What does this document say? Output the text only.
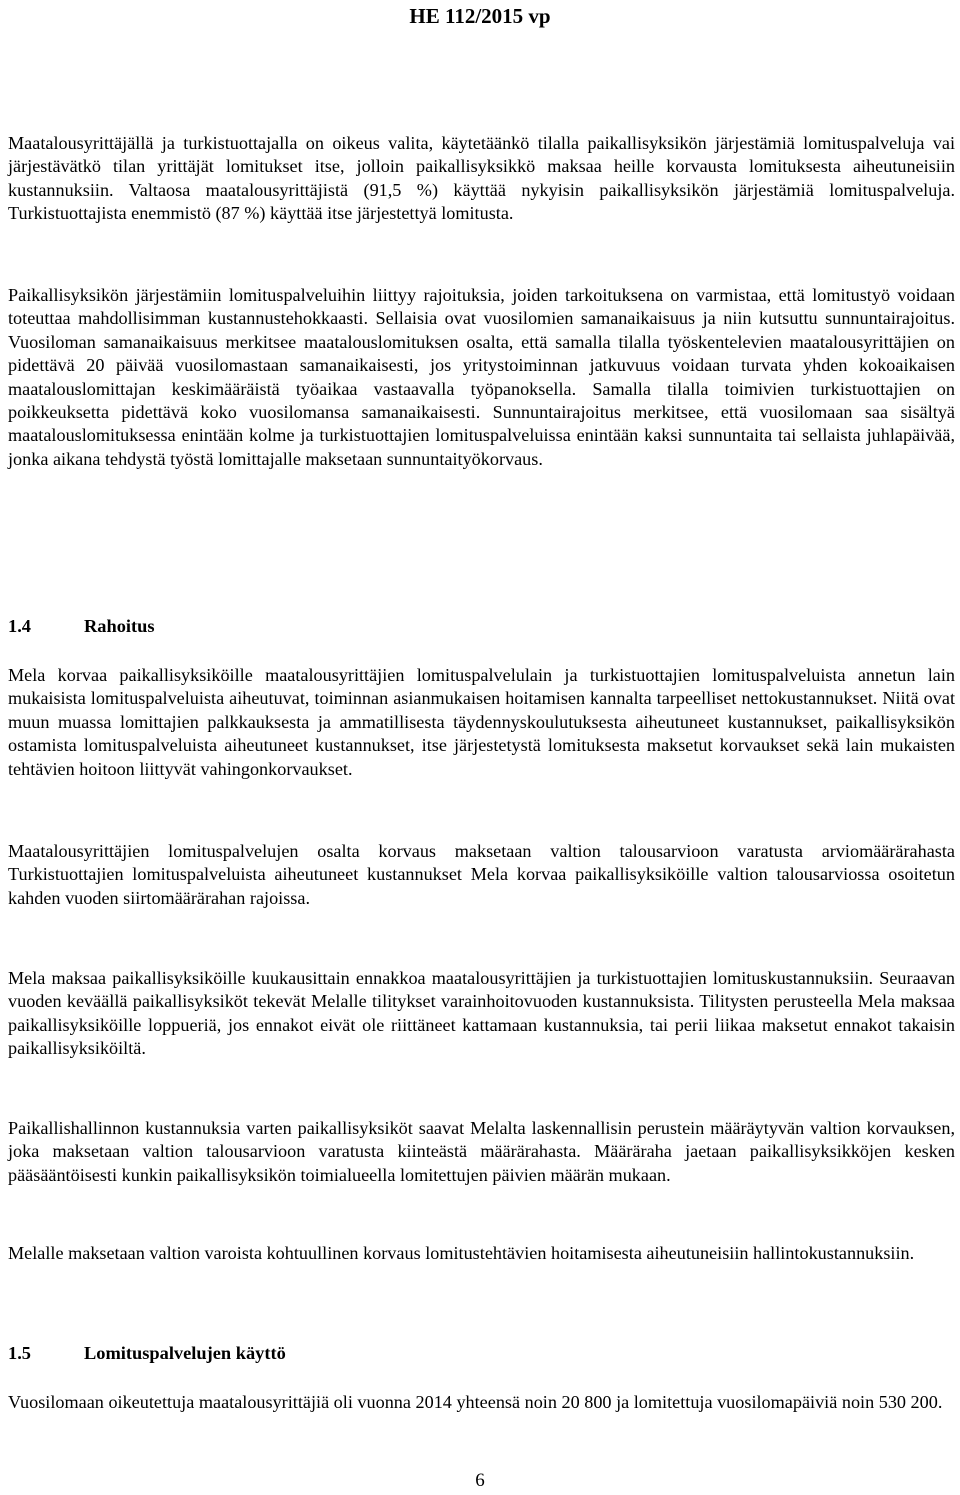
HE 112/2015 vp

Maatalousyrittäjällä ja turkistuottajalla on oikeus valita, käytetäänkö tilalla paikallisyksikön järjestämiä lomituspalveluja vai järjestävätkö tilan yrittäjät lomitukset itse, jolloin paikallisyksikkö maksaa heille korvausta lomituksesta aiheutuneisiin kustannuksiin. Valtaosa maatalousyrittäjistä (91,5 %) käyttää nykyisin paikallisyksikön järjestämiä lomituspalveluja. Turkistuottajista enemmistö (87 %) käyttää itse järjestettyä lomitusta.

Paikallisyksikön järjestämiin lomituspalveluihin liittyy rajoituksia, joiden tarkoituksena on varmistaa, että lomitustyö voidaan toteuttaa mahdollisimman kustannustehokkaasti. Sellaisia ovat vuosilomien samanaikaisuus ja niin kutsuttu sunnuntairajoitus. Vuosiloman samanaikaisuus merkitsee maatalouslomituksen osalta, että samalla tilalla työskentelevien maatalousyrittäjien on pidettävä 20 päivää vuosilomastaan samanaikaisesti, jos yritystoiminnan jatkuvuus voidaan turvata yhden kokoaikaisen maatalouslomittajan keskimääräistä työaikaa vastaavalla työpanoksella. Samalla tilalla toimivien turkistuottajien on poikkeuksetta pidettävä koko vuosilomansa samanaikaisesti. Sunnuntairajoitus merkitsee, että vuosilomaan saa sisältyä maatalouslomituksessa enintään kolme ja turkistuottajien lomituspalveluissa enintään kaksi sunnuntaita tai sellaista juhlapäivää, jonka aikana tehdystä työstä lomittajalle maksetaan sunnuntaityökorvaus.

1.4	Rahoitus

Mela korvaa paikallisyksiköille maatalousyrittäjien lomituspalvelulain ja turkistuottajien lomituspalveluista annetun lain mukaisista lomituspalveluista aiheutuvat, toiminnan asianmukaisen hoitamisen kannalta tarpeelliset nettokustannukset. Niitä ovat muun muassa lomittajien palkkauksesta ja ammatillisesta täydennyskoulutuksesta aiheutuneet kustannukset, paikallisyksikön ostamista lomituspalveluista aiheutuneet kustannukset, itse järjestetystä lomituksesta maksetut korvaukset sekä lain mukaisten tehtävien hoitoon liittyvät vahingonkorvaukset.

Maatalousyrittäjien lomituspalvelujen osalta korvaus maksetaan valtion talousarvioon varatusta arviomäärärahasta Turkistuottajien lomituspalveluista aiheutuneet kustannukset Mela korvaa paikallisyksiköille valtion talousarviossa osoitetun kahden vuoden siirtomäärärahan rajoissa.

Mela maksaa paikallisyksiköille kuukausittain ennakkoa maatalousyrittäjien ja turkistuottajien lomituskustannuksiin. Seuraavan vuoden keväällä paikallisyksiköt tekevät Melalle tilitykset varainhoitovuoden kustannuksista. Tilitysten perusteella Mela maksaa paikallisyksiköille loppueriä, jos ennakot eivät ole riittäneet kattamaan kustannuksia, tai perii liikaa maksetut ennakot takaisin paikallisyksiköiltä.

Paikallishallinnon kustannuksia varten paikallisyksiköt saavat Melalta laskennallisin perustein määräytyvän valtion korvauksen, joka maksetaan valtion talousarvioon varatusta kiinteästä määrärahasta. Määräraha jaetaan paikallisyksikköjen kesken pääsääntöisesti kunkin paikallisyksikön toimialueella lomitettujen päivien määrän mukaan.

Melalle maksetaan valtion varoista kohtuullinen korvaus lomitustehtävien hoitamisesta aiheutuneisiin hallintokustannuksiin.

1.5	Lomituspalvelujen käyttö

Vuosilomaan oikeutettuja maatalousyrittäjiä oli vuonna 2014 yhteensä noin 20 800 ja lomitettuja vuosilomapäiviä noin 530 200.

6
